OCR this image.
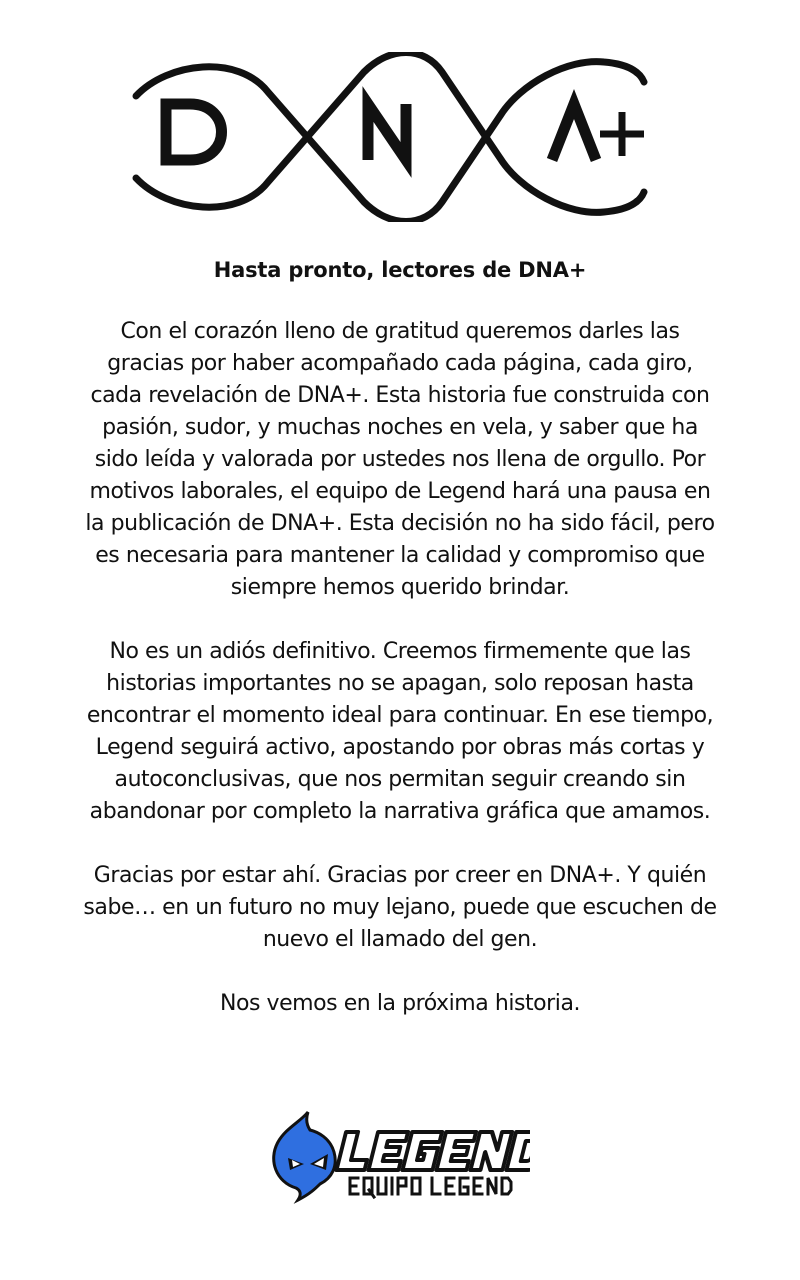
Hasta pronto, lectores de DNA+

Con el corazón lleno de gratitud queremos darles las gracias por haber acompañado cada página, cada giro, cada revelación de DNA+. Esta historia fue construida con pasión, sudor, y muchas noches en vela, y saber que ha sido leída y valorada por ustedes nos llena de orgullo. Por motivos laborales, el equipo de Legend hará una pausa en la publicación de DNA+. Esta decisión no ha sido fácil, pero es necesaria para mantener la calidad y compromiso que siempre hemos querido brindar.

No es un adiós definitivo. Creemos firmemente que las historias importantes no se apagan, solo reposan hasta encontrar el momento ideal para continuar. En ese tiempo, Legend seguirá activo, apostando por obras más cortas y autoconclusivas, que nos permitan seguir creando sin abandonar por completo la narrativa gráfica que amamos.

Gracias por estar ahí. Gracias por creer en DNA+. Y quién sabe… en un futuro no muy lejano, puede que escuchen de nuevo el llamado del gen.

Nos vemos en la próxima historia.
